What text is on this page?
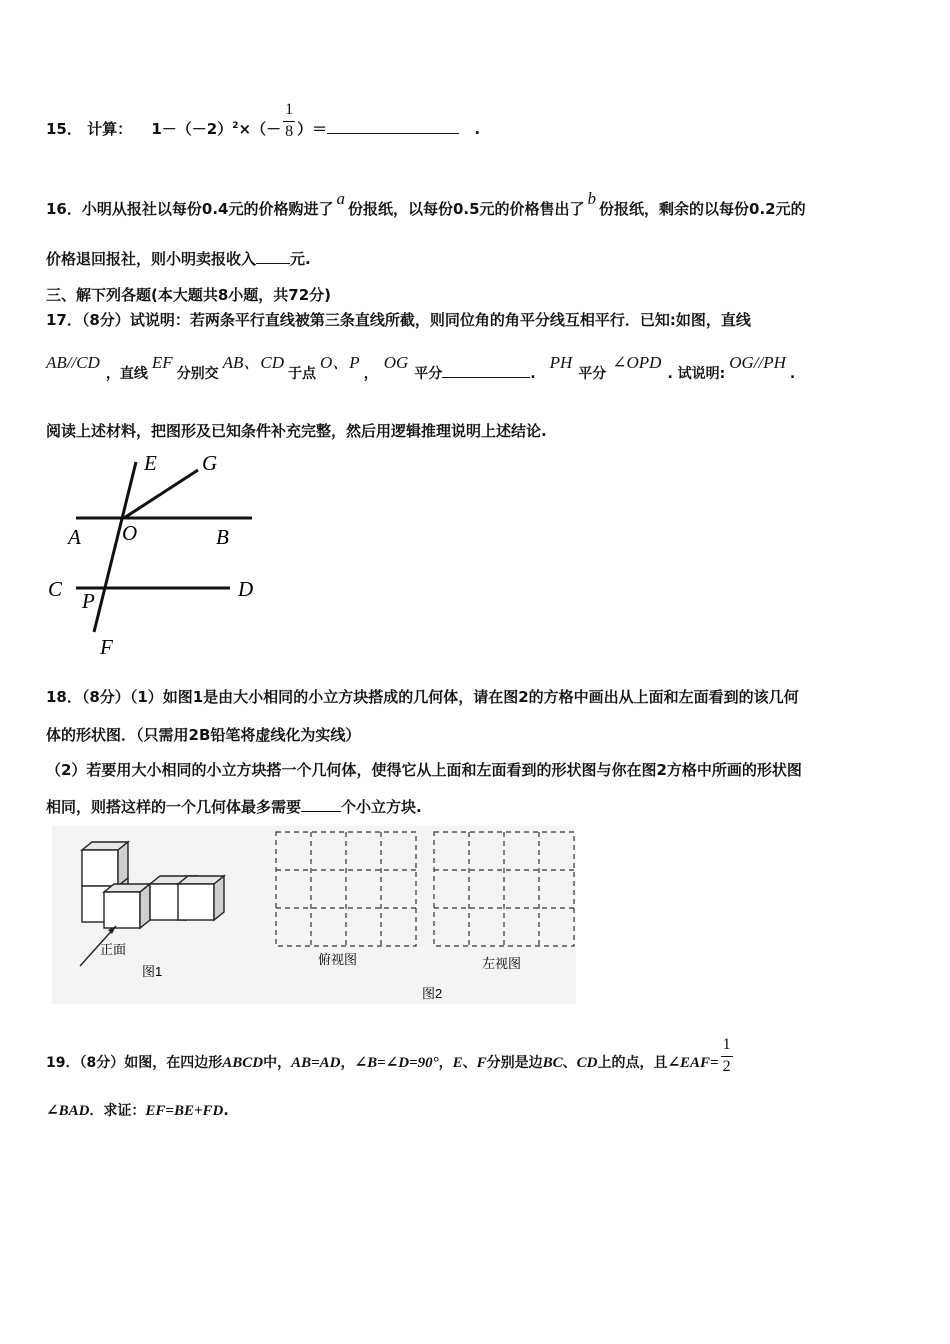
15． 计算： $1-(-2)^2\times(- \frac{1}{8}$ ）＝	.
16．小明从报社以每份0.4元的价格购进了a份报纸，以每份0.5元的价格售出了b份报纸，剩余的以每份0.2元的
价格退回报社，则小明卖报收入 元.
三、解下列各题(本大题共8小题，共72分)
17．（8分）试说明：若两条平行直线被第三条直线所截，则同位角的角平分线互相平行．已知:如图，直线
AB//CD，直线EF分别交AB、CD于点O、P，OG平分	.PH平分∠OPD. 试说明:OG//PH.
阅读上述材料，把图形及已知条件补充完整，然后用逻辑推理说明上述结论.
E G
A O	B
C P	D
F
18．（8分）（1）如图1是由大小相同的小立方块搭成的几何体，请在图2的方格中画出从上面和左面看到的该几何
体的形状图．（只需用2B铅笔将虚线化为实线）
（2）若要用大小相同的小立方块搭一个几何体，使得它从上面和左面看到的形状图与你在图2方格中所画的形状图
相同，则搭这样的一个几何体最多需要	个小立方块.
正面
图1
俯视图	左视图
图2
19．（8分）如图，在四边形ABCD中，AB=AD，∠B=∠D=90°，E、F分别是边BC、CD上的点，且∠EAF= $\frac{1}{2}$
∠BAD．求证：EF=BE+FD.
